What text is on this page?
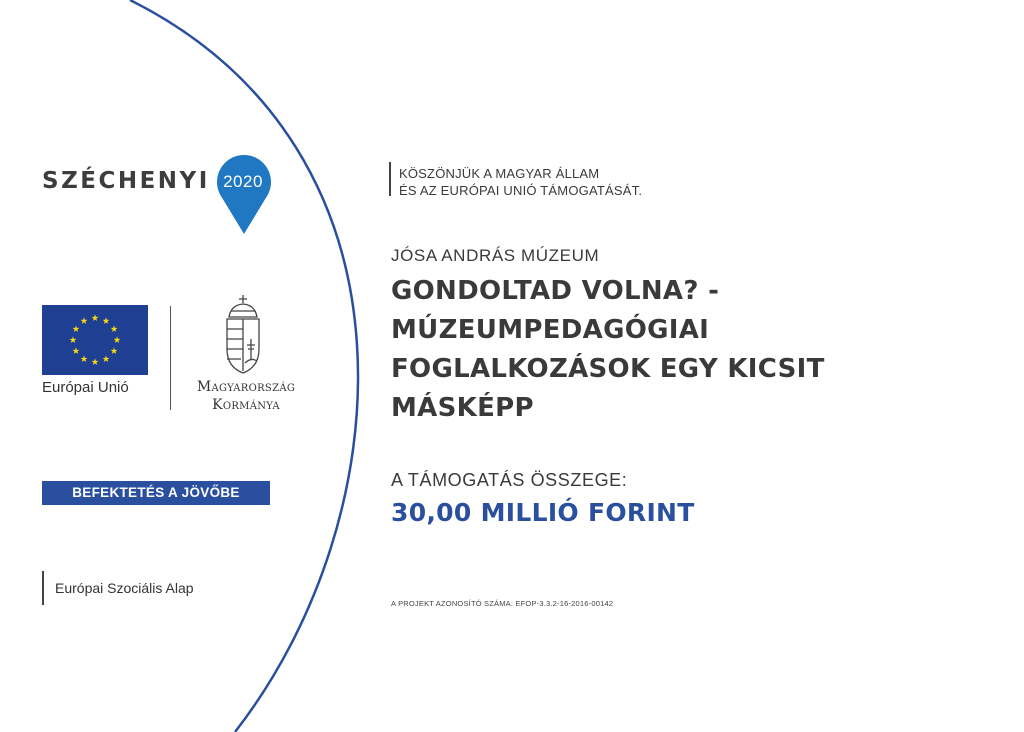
SZÉCHENYI 2020
Európai Unió	Magyarország
Kormánya
BEFEKTETÉS A JÖVŐBE
Európai Szociális Alap
KÖSZÖNJÜK A MAGYAR ÁLLAM
ÉS AZ EURÓPAI UNIÓ TÁMOGATÁSÁT.
JÓSA ANDRÁS MÚZEUM
GONDOLTAD VOLNA? -
MÚZEUMPEDAGÓGIAI
FOGLALKOZÁSOK EGY KICSIT
MÁSKÉPP
A TÁMOGATÁS ÖSSZEGE:
30,00 MILLIÓ FORINT
A PROJEKT AZONOSÍTÓ SZÁMA: EFOP-3.3.2-16-2016-00142
